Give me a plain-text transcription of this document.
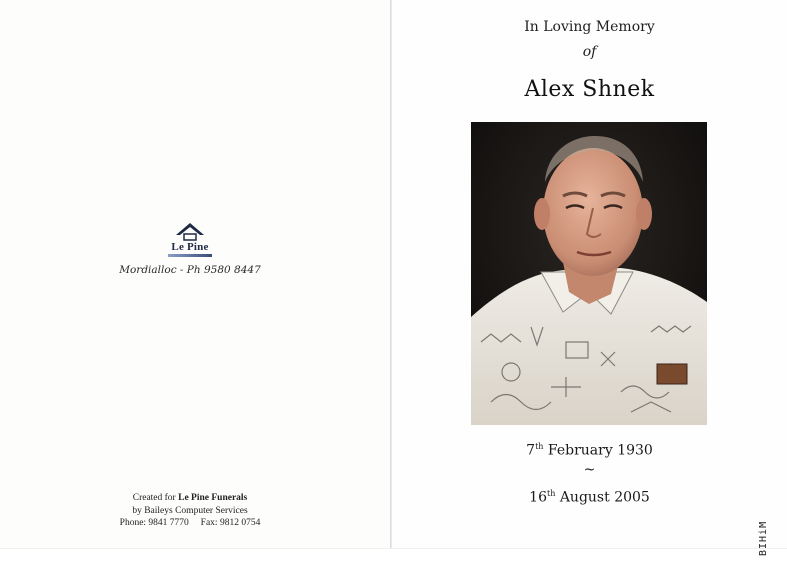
Le Pine
Mordialloc - Ph 9580 8447
Created for Le Pine Funerals
by Baileys Computer Services
Phone: 9841 7770     Fax: 9812 0754
In Loving Memory
of
Alex Shnek
7th February 1930
~
16th August 2005
BIHiM
